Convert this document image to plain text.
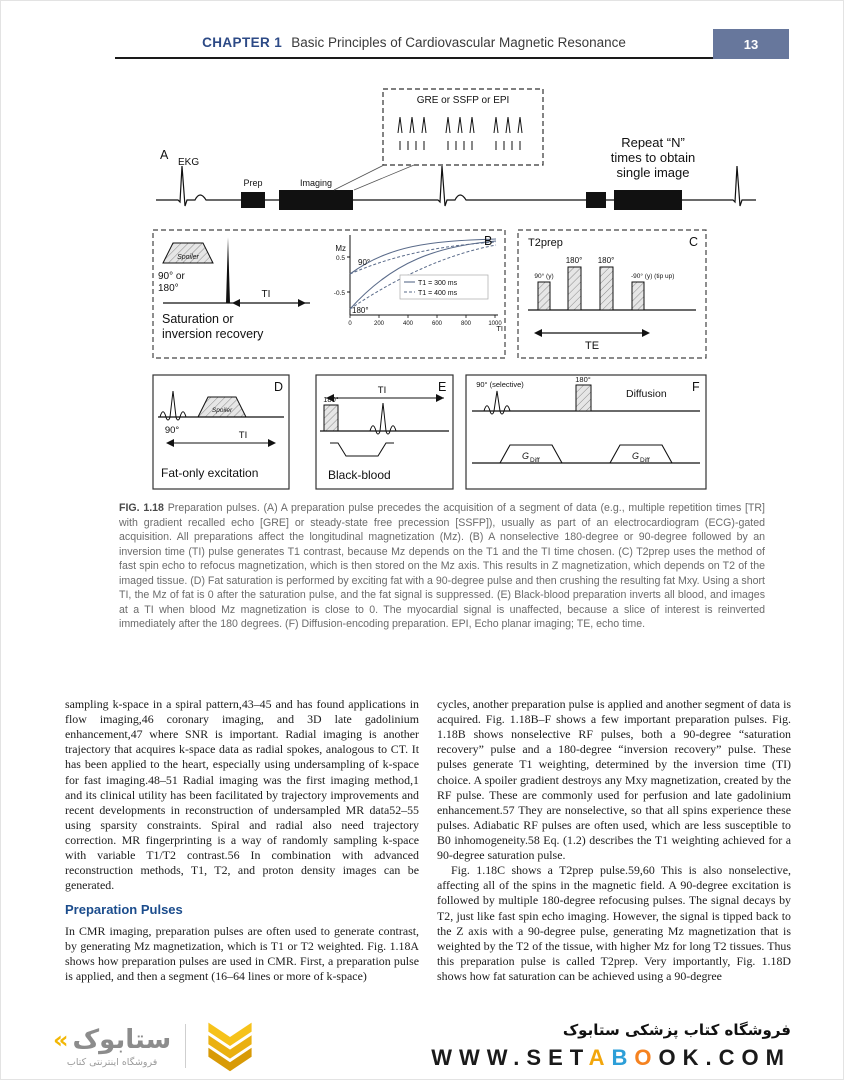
CHAPTER 1 Basic Principles of Cardiovascular Magnetic Resonance	13
A
EKG
Prep	Imaging
GRE or SSFP or EPI
Repeat “N”
times to obtain
single image
Spoiler
90° or
180°
TI
Saturation or
inversion recovery
Mz
0.5
-0.5
90°
180°
T1 = 300 ms
T1 = 400 ms
0	200	400	600	800	1000
TI
B	T2prep	C
90° (y)
180° 180°
-90° (y) (tip up)
TE
D
90°
Spoiler
TI
Fat-only excitation
E
TI
180°
Black-blood
F
90° (selective)
180°
Diffusion
G Diff	G Diff
FIG. 1.18 Preparation pulses. (A) A preparation pulse precedes the acquisition of a segment of data (e.g., multiple repetition times [TR] with gradient recalled echo [GRE] or steady-state free precession [SSFP]), usually as part of an electrocardiogram (ECG)-gated acquisition. All preparations affect the longitudinal magnetization (Mz). (B) A nonselective 180-degree or 90-degree followed by an inversion time (TI) pulse generates T1 contrast, because Mz depends on the T1 and the TI time chosen. (C) T2prep uses the method of fast spin echo to refocus magnetization, which is then stored on the Mz axis. This results in Z magnetization, which depends on T2 of the imaged tissue. (D) Fat saturation is performed by exciting fat with a 90-degree pulse and then crushing the resulting fat Mxy. Using a short TI, the Mz of fat is 0 after the saturation pulse, and the fat signal is suppressed. (E) Black-blood preparation inverts all blood, and images at a TI when blood Mz magnetization is close to 0. The myocardial signal is unaffected, because a slice of interest is reinverted immediately after the 180 degrees. (F) Diffusion-encoding preparation. EPI, Echo planar imaging; TE, echo time.

sampling k-space in a spiral pattern,43–45 and has found applications in flow imaging,46 coronary imaging, and 3D late gadolinium enhancement,47 where SNR is important. Radial imaging is another trajectory that acquires k-space data as radial spokes, analogous to CT. It has been applied to the heart, especially using undersampling of k-space for fast imaging.48–51 Radial imaging was the first imaging method,1 and its clinical utility has been facilitated by trajectory improvements and recent developments in reconstruction of undersampled MR data52–55 using sparsity constraints. Spiral and radial also need trajectory correction. MR fingerprinting is a way of randomly sampling k-space with variable T1/T2 contrast.56 In combination with advanced reconstruction methods, T1, T2, and proton density images can be generated.

Preparation Pulses

In CMR imaging, preparation pulses are often used to generate contrast, by generating Mz magnetization, which is T1 or T2 weighted. Fig. 1.18A shows how preparation pulses are used in CMR. First, a preparation pulse is applied, and then a segment (16–64 lines or more of k-space)

cycles, another preparation pulse is applied and another segment of data is acquired. Fig. 1.18B–F shows a few important preparation pulses. Fig. 1.18B shows nonselective RF pulses, both a 90-degree “saturation recovery” pulse and a 180-degree “inversion recovery” pulse. These pulses generate T1 weighting, determined by the inversion time (TI) choice. A spoiler gradient destroys any Mxy magnetization, created by the RF pulse. These are commonly used for perfusion and late gadolinium enhancement.57 They are nonselective, so that all spins experience these pulses. Adiabatic RF pulses are often used, which are less susceptible to B0 inhomogeneity.58 Eq. (1.2) describes the T1 weighting achieved for a 90-degree saturation pulse.

Fig. 1.18C shows a T2prep pulse.59,60 This is also nonselective, affecting all of the spins in the magnetic field. A 90-degree excitation is followed by multiple 180-degree refocusing pulses. The signal decays by T2, just like fast spin echo imaging. However, the signal is tipped back to the Z axis with a 90-degree pulse, generating Mz magnetization that is weighted by the T2 of the tissue, with higher Mz for long T2 tissues. Thus this preparation pulse is called T2prep. Very importantly, Fig. 1.18D shows how fat saturation can be achieved using a 90-degree

« ستابوک
فروشگاه اینترنتی کتاب
فروشگاه کتاب پزشکی ستابوک
WWW.SETABOOK.COM
